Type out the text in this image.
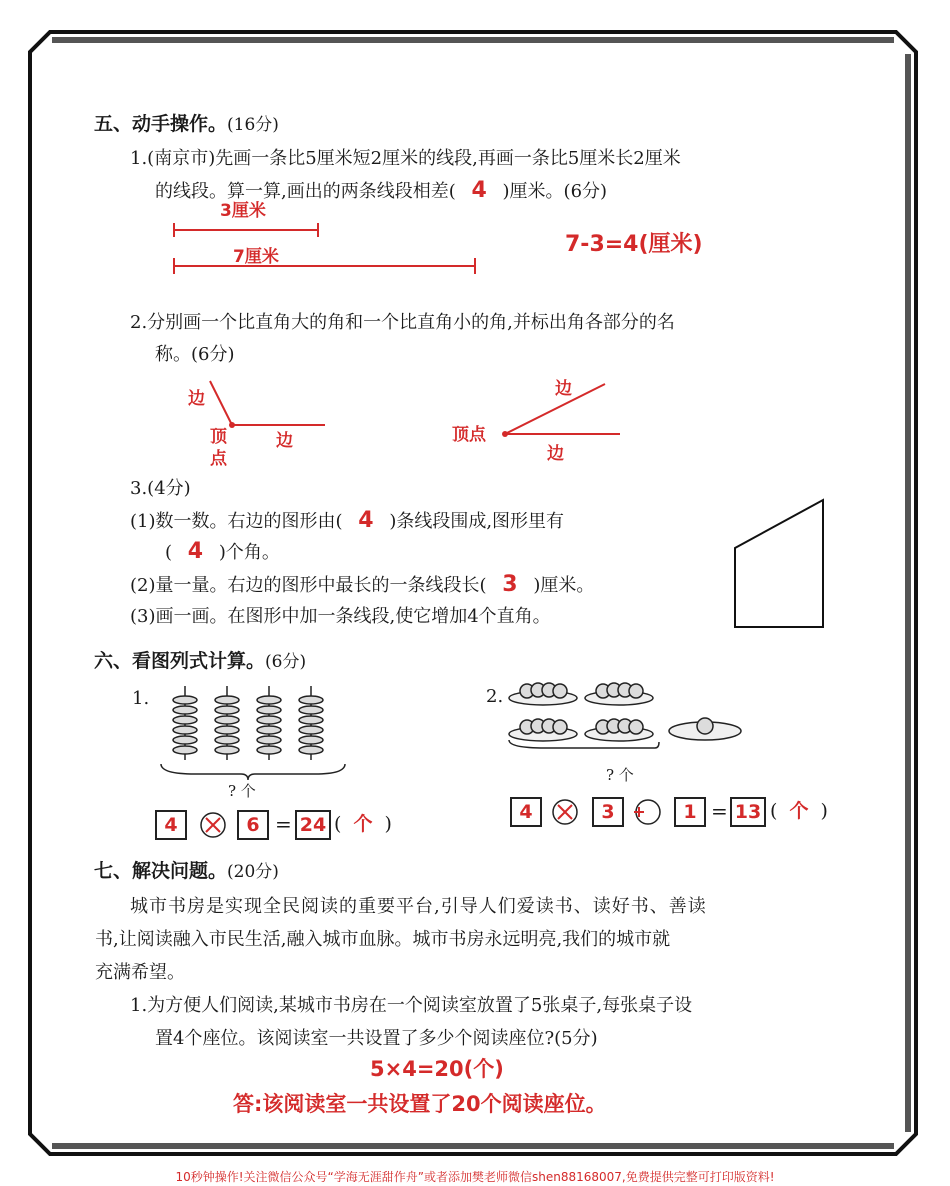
五、动手操作。(16分)
1.(南京市)先画一条比5厘米短2厘米的线段,再画一条比5厘米长2厘米
的线段。算一算,画出的两条线段相差( 4 )厘米。(6分)
3厘米
7厘米	7-3=4(厘米)
2.分别画一个比直角大的角和一个比直角小的角,并标出角各部分的名
称。(6分)
边
顶
点
边
边
顶点
边
3.(4分)
(1)数一数。右边的图形由( 4 )条线段围成,图形里有
( 4 )个角。
(2)量一量。右边的图形中最长的一条线段长( 3 )厘米。
(3)画一画。在图形中加一条线段,使它增加4个直角。
六、看图列式计算。(6分)
1.
? 个
4	6 = 24 ( 个 )
2.
? 个
4	3	1 = 13 ( 个 )
七、解决问题。(20分)
城市书房是实现全民阅读的重要平台,引导人们爱读书、读好书、善读
书,让阅读融入市民生活,融入城市血脉。城市书房永远明亮,我们的城市就
充满希望。
1.为方便人们阅读,某城市书房在一个阅读室放置了5张桌子,每张桌子设
置4个座位。该阅读室一共设置了多少个阅读座位?(5分)
5×4=20(个)
答:该阅读室一共设置了20个阅读座位。
10秒钟操作!关注微信公众号“学海无涯甜作舟”或者添加樊老师微信shen88168007,免费提供完整可打印版资料!
